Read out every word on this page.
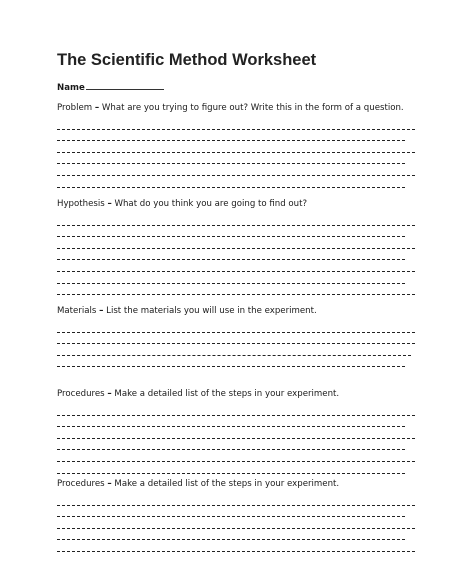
The Scientific Method Worksheet
Name
Problem – What are you trying to figure out? Write this in the form of a question.
Hypothesis – What do you think you are going to find out?
Materials – List the materials you will use in the experiment.
Procedures – Make a detailed list of the steps in your experiment.
Procedures – Make a detailed list of the steps in your experiment.
